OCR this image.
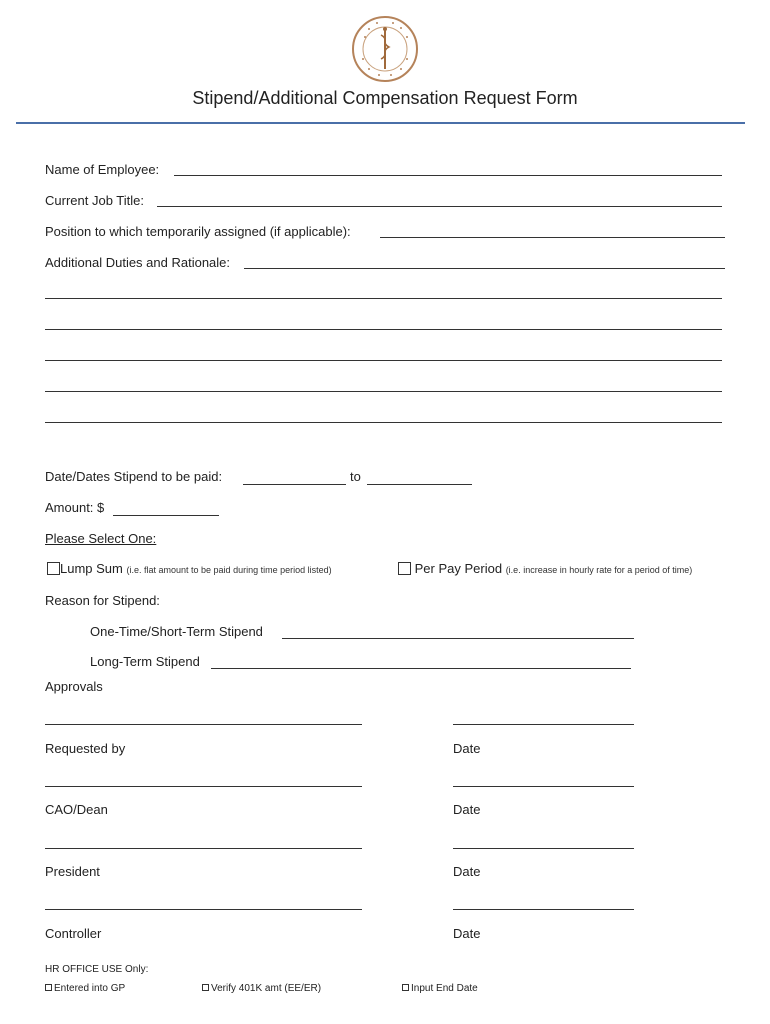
Stipend/Additional Compensation Request Form
Name of Employee:
Current Job Title:
Position to which temporarily assigned (if applicable):
Additional Duties and Rationale:
Date/Dates Stipend to be paid:	to
Amount: $
Please Select One:
Lump Sum (i.e. flat amount to be paid during time period listed)	Per Pay Period (i.e. increase in hourly rate for a period of time)
Reason for Stipend:
One-Time/Short-Term Stipend
Long-Term Stipend
Approvals
Requested by	Date
CAO/Dean	Date
President	Date
Controller	Date
HR OFFICE USE Only:
Entered into GP	Verify 401K amt (EE/ER)	Input End Date
